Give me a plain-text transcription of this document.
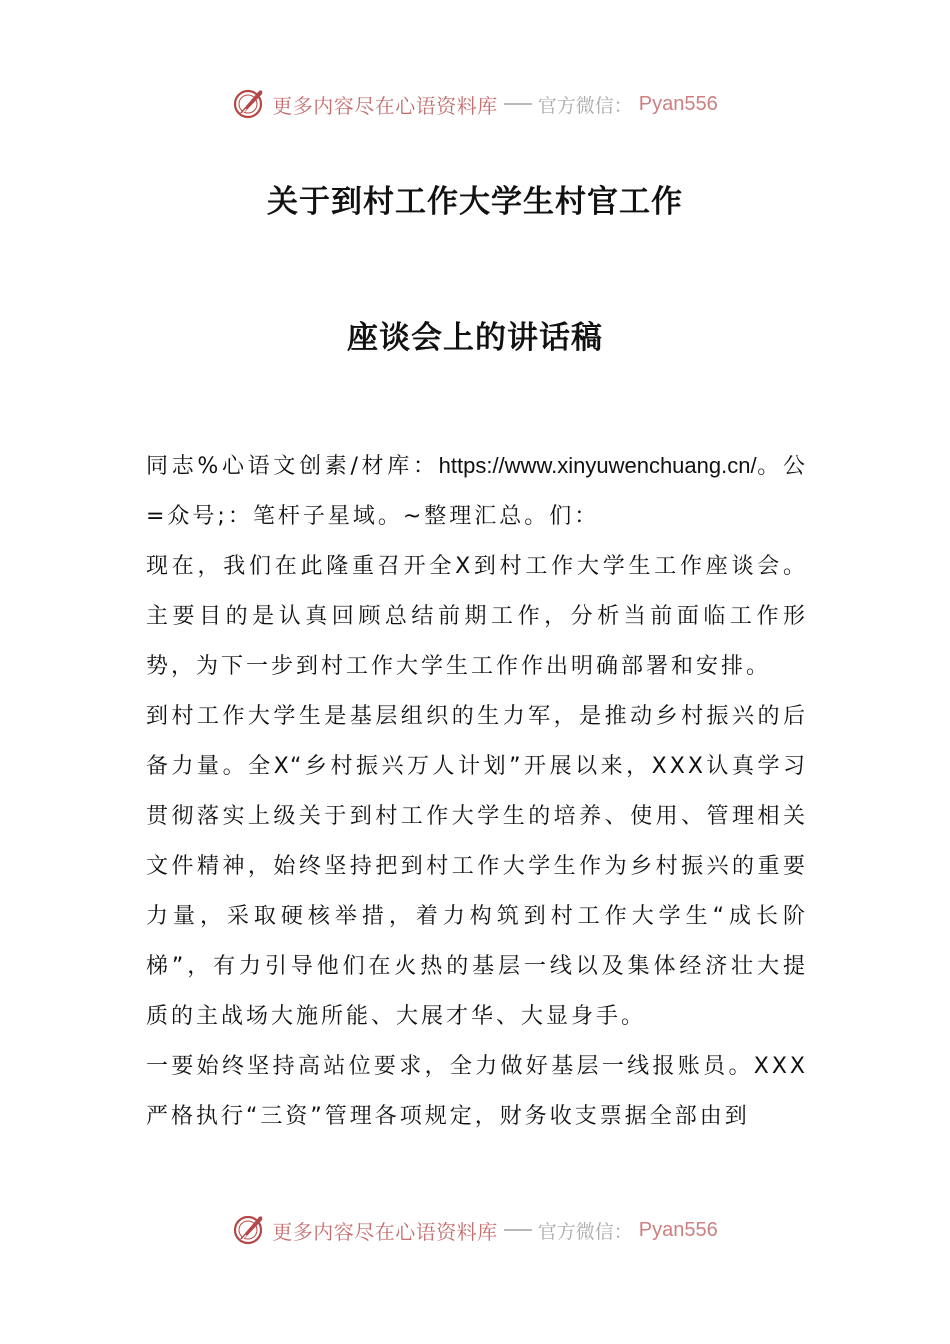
更多内容尽在心语资料库 官方微信： Pyan556
关于到村工作大学生村官工作
座谈会上的讲话稿

同志%心语文创素/材库：https://www.xinyuwenchuang.cn/。公=众号;：笔杆子星域。~整理汇总。们：

现在，我们在此隆重召开全X到村工作大学生工作座谈会。主要目的是认真回顾总结前期工作，分析当前面临工作形势，为下一步到村工作大学生工作作出明确部署和安排。

到村工作大学生是基层组织的生力军，是推动乡村振兴的后备力量。全X“乡村振兴万人计划”开展以来，XXX认真学习贯彻落实上级关于到村工作大学生的培养、使用、管理相关文件精神，始终坚持把到村工作大学生作为乡村振兴的重要力量，采取硬核举措，着力构筑到村工作大学生“成长阶梯”，有力引导他们在火热的基层一线以及集体经济壮大提质的主战场大施所能、大展才华、大显身手。

一要始终坚持高站位要求，全力做好基层一线报账员。XXX严格执行“三资”管理各项规定，财务收支票据全部由到

更多内容尽在心语资料库 官方微信： Pyan556
